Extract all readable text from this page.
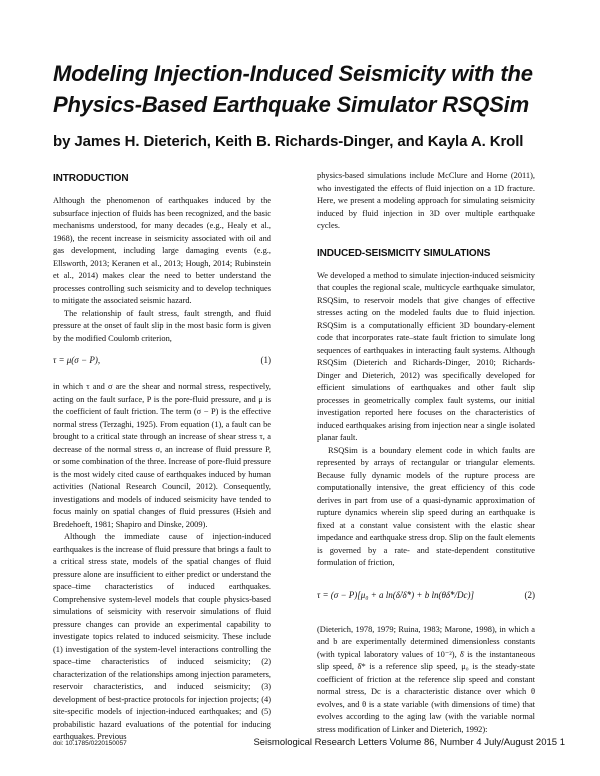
Modeling Injection-Induced Seismicity with the
Physics-Based Earthquake Simulator RSQSim
by James H. Dieterich, Keith B. Richards-Dinger, and Kayla A. Kroll
INTRODUCTION

Although the phenomenon of earthquakes induced by the subsurface injection of fluids has been recognized, and the basic mechanisms understood, for many decades (e.g., Healy et al., 1968), the recent increase in seismicity associated with oil and gas development, including large damaging events (e.g., Ellsworth, 2013; Keranen et al., 2013; Hough, 2014; Rubinstein et al., 2014) makes clear the need to better understand the processes controlling such seismicity and to develop techniques to mitigate the associated seismic hazard.

The relationship of fault stress, fault strength, and fluid pressure at the onset of fault slip in the most basic form is given by the modified Coulomb criterion,

τ = μ(σ − P),	(1)

in which τ and σ are the shear and normal stress, respectively, acting on the fault surface, P is the pore-fluid pressure, and μ is the coefficient of fault friction. The term (σ − P) is the effective normal stress (Terzaghi, 1925). From equation (1), a fault can be brought to a critical state through an increase of shear stress τ, a decrease of the normal stress σ, an increase of fluid pressure P, or some combination of the three. Increase of pore-fluid pressure is the most widely cited cause of earthquakes induced by human activities (National Research Council, 2012). Consequently, investigations and models of induced seismicity have tended to focus mainly on spatial changes of fluid pressures (Hsieh and Bredehoeft, 1981; Shapiro and Dinske, 2009).

Although the immediate cause of injection-induced earthquakes is the increase of fluid pressure that brings a fault to a critical stress state, models of the spatial changes of fluid pressure alone are insufficient to either predict or understand the space–time characteristics of induced earthquakes. Comprehensive system-level models that couple physics-based simulations of seismicity with reservoir simulations of fluid pressure changes can provide an experimental capability to investigate topics related to induced seismicity. These include (1) investigation of the system-level interactions controlling the space–time characteristics of induced seismicity; (2) characterization of the relationships among injection parameters, reservoir characteristics, and induced seismicity; (3) development of best-practice protocols for injection projects; (4) site-specific models of injection-induced earthquakes; and (5) probabilistic hazard evaluations of the potential for inducing earthquakes. Previous

physics-based simulations include McClure and Horne (2011), who investigated the effects of fluid injection on a 1D fracture. Here, we present a modeling approach for simulating seismicity induced by fluid injection in 3D over multiple earthquake cycles.

INDUCED-SEISMICITY SIMULATIONS

We developed a method to simulate injection-induced seismicity that couples the regional scale, multicycle earthquake simulator, RSQSim, to reservoir models that give changes of effective stresses acting on the modeled faults due to fluid injection. RSQSim is a computationally efficient 3D boundary-element code that incorporates rate–state fault friction to simulate long sequences of earthquakes in interacting fault systems. Although RSQSim (Dieterich and Richards-Dinger, 2010; Richards-Dinger and Dieterich, 2012) was specifically developed for efficient simulations of earthquakes and other fault slip processes in geometrically complex fault systems, our initial investigation reported here focuses on the characteristics of induced earthquakes arising from injection near a single isolated planar fault.

RSQSim is a boundary element code in which faults are represented by arrays of rectangular or triangular elements. Because fully dynamic models of the rupture process are computationally intensive, the great efficiency of this code derives in part from use of a quasi-dynamic approximation of rupture dynamics wherein slip speed during an earthquake is fixed at a constant value consistent with the elastic shear impedance and earthquake stress drop. Slip on the fault elements is governed by a rate- and state-dependent constitutive formulation of friction,

τ = (σ − P)[μ₀ + a ln(δ̇/δ̇*) + b ln(θδ̇*/Dc)]	(2)

(Dieterich, 1978, 1979; Ruina, 1983; Marone, 1998), in which a and b are experimentally determined dimensionless constants (with typical laboratory values of 10⁻²), δ̇ is the instantaneous slip speed, δ̇* is a reference slip speed, μ₀ is the steady-state coefficient of friction at the reference slip speed and constant normal stress, Dc is a characteristic distance over which θ evolves, and θ is a state variable (with dimensions of time) that evolves according to the aging law (with the variable normal stress modification of Linker and Dieterich, 1992):

doi: 10.1785/0220150057	Seismological Research Letters Volume 86, Number 4 July/August 2015 1
